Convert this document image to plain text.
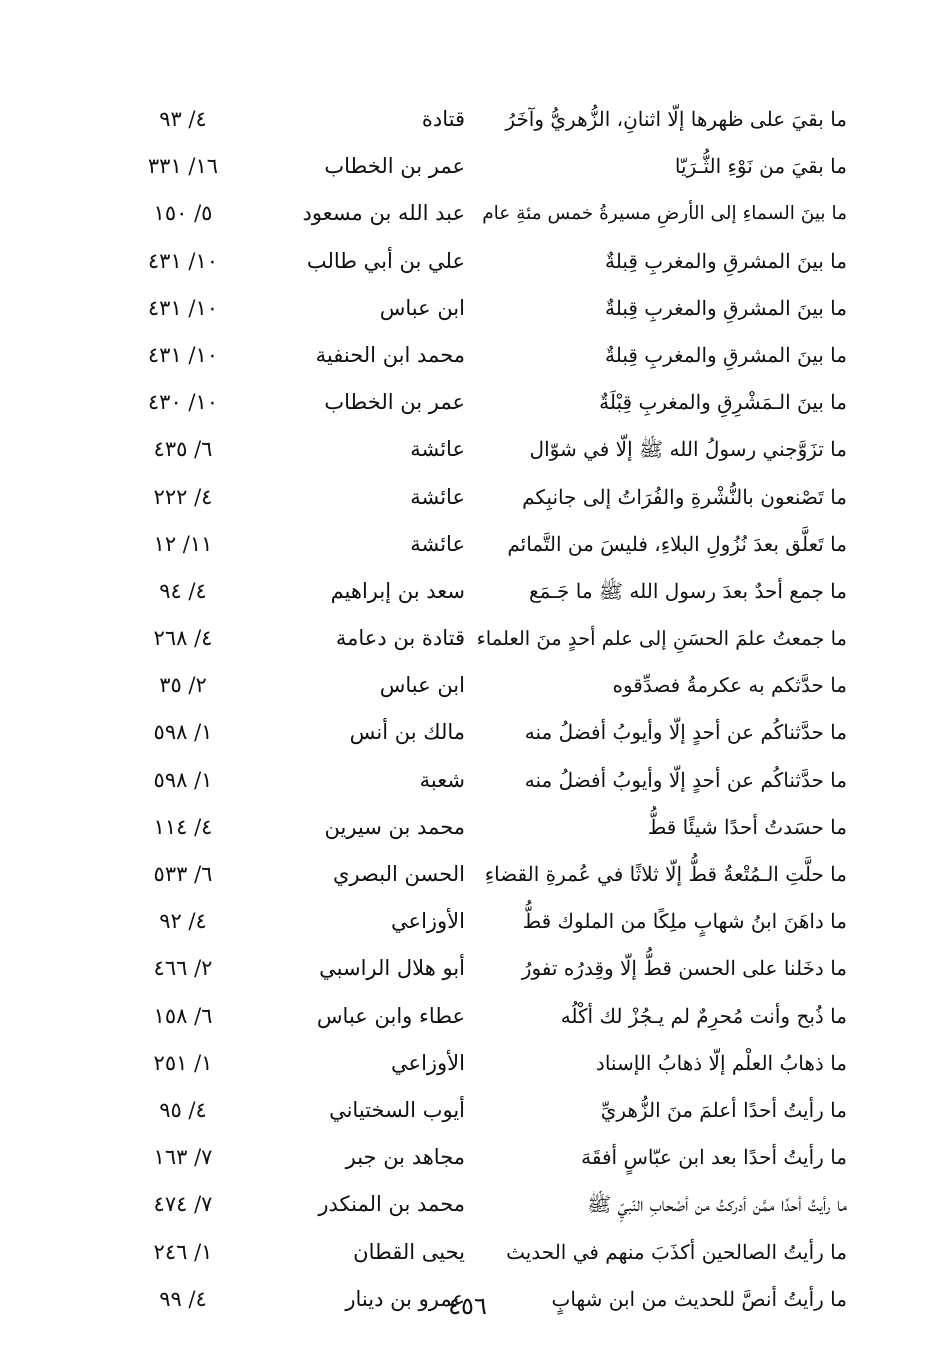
ما بقيَ على ظهرها إلّا اثنانِ، الزُّهريُّ وآخَرُ
قتادة
٤/ ٩٣
ما بقيَ من نَوْءِ الثُّـرَيّا
عمر بن الخطاب
١٦/ ٣٣١
ما بينَ السماءِ إلى الأرضِ مسيرةُ خمس مئةِ عام
عبد الله بن مسعود
٥/ ١٥٠
ما بينَ المشرقِ والمغربِ قِبلةٌ
علي بن أبي طالب
١٠/ ٤٣١
ما بينَ المشرقِ والمغربِ قِبلةٌ
ابن عباس
١٠/ ٤٣١
ما بينَ المشرقِ والمغربِ قِبلةٌ
محمد ابن الحنفية
١٠/ ٤٣١
ما بينَ الـمَشْرِقِ والمغربِ قِبْلَةٌ
عمر بن الخطاب
١٠/ ٤٣٠
ما تزَوَّجني رسولُ الله ﷺ إلّا في شوّال
عائشة
٦/ ٤٣٥
ما تَصْنعون بالنُّشْرةِ والفُرَاتُ إلى جانبِكم
عائشة
٤/ ٢٢٢
ما تَعلَّق بعدَ نُزُولِ البلاءِ، فليسَ من التَّمائم
عائشة
١١/ ١٢
ما جمع أحدٌ بعدَ رسول الله ﷺ ما جَـمَع
سعد بن إبراهيم
٤/ ٩٤
ما جمعتُ علمَ الحسَنِ إلى علم أحدٍ منَ العلماء
قتادة بن دعامة
٤/ ٢٦٨
ما حدَّثكم به عكرمةُ فصدِّقوه
ابن عباس
٢/ ٣٥
ما حدَّثناكُم عن أحدٍ إلّا وأيوبُ أفضلُ منه
مالك بن أنس
١/ ٥٩٨
ما حدَّثناكُم عن أحدٍ إلّا وأيوبُ أفضلُ منه
شعبة
١/ ٥٩٨
ما حسَدتُ أحدًا شيئًا قطُّ
محمد بن سيرين
٤/ ١١٤
ما حلَّتِ الـمُتْعةُ قطُّ إلّا ثلاثًا في عُمرةِ القضاءِ
الحسن البصري
٦/ ٥٣٣
ما داهَنَ ابنُ شهابٍ ملِكًا من الملوك قطُّ
الأوزاعي
٤/ ٩٢
ما دخَلنا على الحسن قطُّ إلّا وقِدرُه تفورُ
أبو هلال الراسبي
٢/ ٤٦٦
ما ذُبح وأنت مُحرِمٌ لم يـجُزْ لك أكْلُه
عطاء وابن عباس
٦/ ١٥٨
ما ذهابُ العلْم إلّا ذهابُ الإسناد
الأوزاعي
١/ ٢٥١
ما رأيتُ أحدًا أعلمَ منَ الزُّهريِّ
أيوب السختياني
٤/ ٩٥
ما رأيتُ أحدًا بعد ابن عبّاسٍ أفقَهَ
مجاهد بن جبر
٧/ ١٦٣
ما رأيتُ أحدًا ممَّن أدركتُ من أصْحابِ النّبيِّ ﷺ
محمد بن المنكدر
٧/ ٤٧٤
ما رأيتُ الصالحين أكذَبَ منهم في الحديث
يحيى القطان
١/ ٢٤٦
ما رأيتُ أنصَّ للحديث من ابن شهابٍ
عمرو بن دينار
٤/ ٩٩	٤٥٦
